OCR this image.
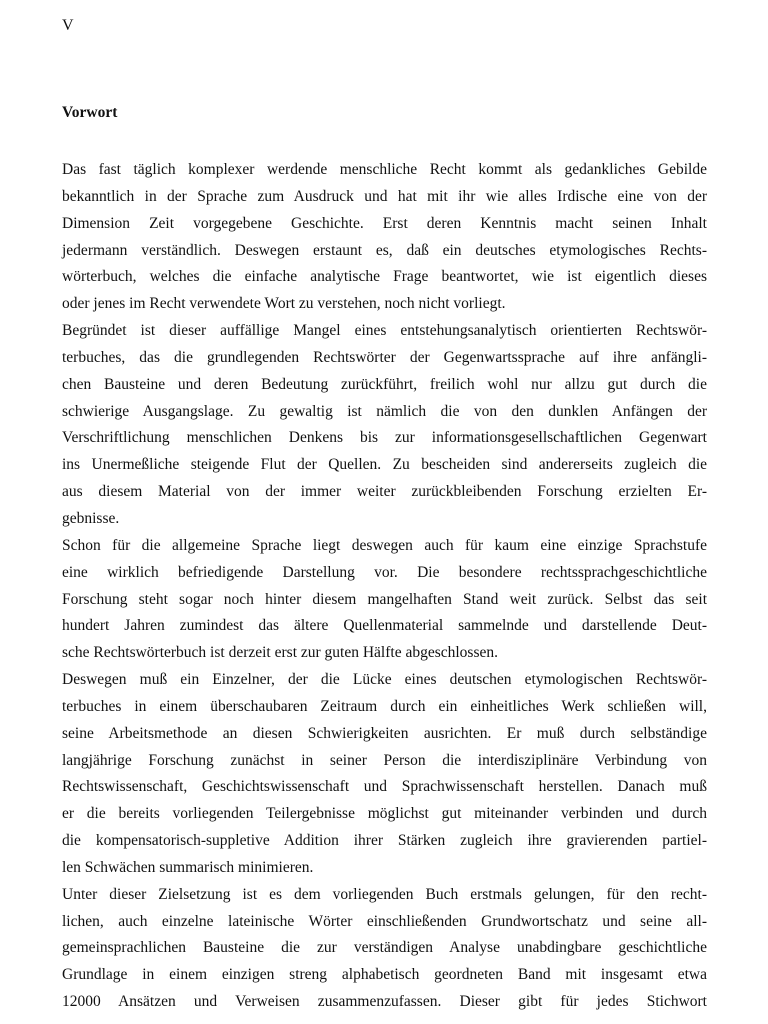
V
Vorwort
Das fast täglich komplexer werdende menschliche Recht kommt als gedankliches Gebilde
bekanntlich in der Sprache zum Ausdruck und hat mit ihr wie alles Irdische eine von der
Dimension Zeit vorgegebene Geschichte. Erst deren Kenntnis macht seinen Inhalt
jedermann verständlich. Deswegen erstaunt es, daß ein deutsches etymologisches Rechts-
wörterbuch, welches die einfache analytische Frage beantwortet, wie ist eigentlich dieses
oder jenes im Recht verwendete Wort zu verstehen, noch nicht vorliegt.
Begründet ist dieser auffällige Mangel eines entstehungsanalytisch orientierten Rechtswör-
terbuches, das die grundlegenden Rechtswörter der Gegenwartssprache auf ihre anfängli-
chen Bausteine und deren Bedeutung zurückführt, freilich wohl nur allzu gut durch die
schwierige Ausgangslage. Zu gewaltig ist nämlich die von den dunklen Anfängen der
Verschriftlichung menschlichen Denkens bis zur informationsgesellschaftlichen Gegenwart
ins Unermeßliche steigende Flut der Quellen. Zu bescheiden sind andererseits zugleich die
aus diesem Material von der immer weiter zurückbleibenden Forschung erzielten Er-
gebnisse.
Schon für die allgemeine Sprache liegt deswegen auch für kaum eine einzige Sprachstufe
eine wirklich befriedigende Darstellung vor. Die besondere rechtssprachgeschichtliche
Forschung steht sogar noch hinter diesem mangelhaften Stand weit zurück. Selbst das seit
hundert Jahren zumindest das ältere Quellenmaterial sammelnde und darstellende Deut-
sche Rechtswörterbuch ist derzeit erst zur guten Hälfte abgeschlossen.
Deswegen muß ein Einzelner, der die Lücke eines deutschen etymologischen Rechtswör-
terbuches in einem überschaubaren Zeitraum durch ein einheitliches Werk schließen will,
seine Arbeitsmethode an diesen Schwierigkeiten ausrichten. Er muß durch selbständige
langjährige Forschung zunächst in seiner Person die interdisziplinäre Verbindung von
Rechtswissenschaft, Geschichtswissenschaft und Sprachwissenschaft herstellen. Danach muß
er die bereits vorliegenden Teilergebnisse möglichst gut miteinander verbinden und durch
die kompensatorisch-suppletive Addition ihrer Stärken zugleich ihre gravierenden partiel-
len Schwächen summarisch minimieren.
Unter dieser Zielsetzung ist es dem vorliegenden Buch erstmals gelungen, für den recht-
lichen, auch einzelne lateinische Wörter einschließenden Grundwortschatz und seine all-
gemeinsprachlichen Bausteine die zur verständigen Analyse unabdingbare geschichtliche
Grundlage in einem einzigen streng alphabetisch geordneten Band mit insgesamt etwa
12000 Ansätzen und Verweisen zusammenzufassen. Dieser gibt für jedes Stichwort
